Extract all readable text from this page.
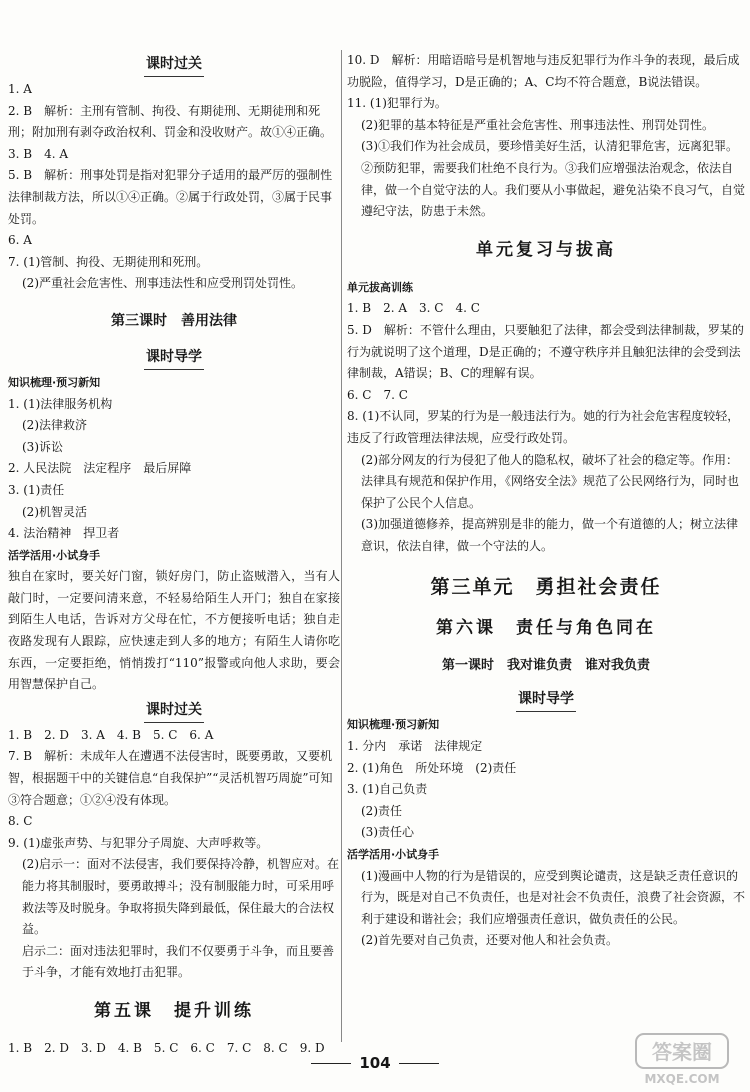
课时过关
1. A
2. B　解析：主刑有管制、拘役、有期徒刑、无期徒刑和死刑；附加刑有剥夺政治权利、罚金和没收财产。故①④正确。
3. B　4. A
5. B　解析：刑事处罚是指对犯罪分子适用的最严厉的强制性法律制裁方法，所以①④正确。②属于行政处罚，③属于民事处罚。
6. A
7. (1)管制、拘役、无期徒刑和死刑。
(2)严重社会危害性、刑事违法性和应受刑罚处罚性。
第三课时　善用法律
课时导学
知识梳理·预习新知
1. (1)法律服务机构
(2)法律救济
(3)诉讼
2. 人民法院　法定程序　最后屏障
3. (1)责任
(2)机智灵活
4. 法治精神　捍卫者
活学活用·小试身手
独自在家时，要关好门窗，锁好房门，防止盗贼潜入，当有人敲门时，一定要问清来意，不轻易给陌生人开门；独自在家接到陌生人电话，告诉对方父母在忙，不方便接听电话；独自走夜路发现有人跟踪，应快速走到人多的地方；有陌生人请你吃东西，一定要拒绝，悄悄拨打“110”报警或向他人求助，要会用智慧保护自己。
课时过关
1. B　2. D　3. A　4. B　5. C　6. A
7. B　解析：未成年人在遭遇不法侵害时，既要勇敢，又要机智，根据题干中的关键信息“自我保护”“灵活机智巧周旋”可知③符合题意；①②④没有体现。
8. C
9. (1)虚张声势、与犯罪分子周旋、大声呼救等。
(2)启示一：面对不法侵害，我们要保持冷静，机智应对。在能力将其制服时，要勇敢搏斗；没有制服能力时，可采用呼救法等及时脱身。争取将损失降到最低，保住最大的合法权益。
启示二：面对违法犯罪时，我们不仅要勇于斗争，而且要善于斗争，才能有效地打击犯罪。
第五课　提升训练
1. B　2. D　3. D　4. B　5. C　6. C　7. C　8. C　9. D
10. D　解析：用暗语暗号是机智地与违反犯罪行为作斗争的表现，最后成功脱险，值得学习，D是正确的；A、C均不符合题意，B说法错误。
11. (1)犯罪行为。
(2)犯罪的基本特征是严重社会危害性、刑事违法性、刑罚处罚性。
(3)①我们作为社会成员，要珍惜美好生活，认清犯罪危害，远离犯罪。②预防犯罪，需要我们杜绝不良行为。③我们应增强法治观念，依法自律，做一个自觉守法的人。我们要从小事做起，避免沾染不良习气，自觉遵纪守法，防患于未然。
单元复习与拔高
单元拔高训练
1. B　2. A　3. C　4. C
5. D　解析：不管什么理由，只要触犯了法律，都会受到法律制裁，罗某的行为就说明了这个道理，D是正确的；不遵守秩序并且触犯法律的会受到法律制裁，A错误；B、C的理解有误。
6. C　7. C
8. (1)不认同，罗某的行为是一般违法行为。她的行为社会危害程度较轻，违反了行政管理法律法规，应受行政处罚。
(2)部分网友的行为侵犯了他人的隐私权，破坏了社会的稳定等。作用：法律具有规范和保护作用，《网络安全法》规范了公民网络行为，同时也保护了公民个人信息。
(3)加强道德修养，提高辨别是非的能力，做一个有道德的人；树立法律意识，依法自律，做一个守法的人。
第三单元　勇担社会责任
第六课　责任与角色同在
第一课时　我对谁负责　谁对我负责
课时导学
知识梳理·预习新知
1. 分内　承诺　法律规定
2. (1)角色　所处环境　(2)责任
3. (1)自己负责
(2)责任
(3)责任心
活学活用·小试身手
(1)漫画中人物的行为是错误的，应受到舆论谴责，这是缺乏责任意识的行为，既是对自己不负责任，也是对社会不负责任，浪费了社会资源，不利于建设和谐社会；我们应增强责任意识，做负责任的公民。
(2)首先要对自己负责，还要对他人和社会负责。
104	答案圈
MXQE.COM
